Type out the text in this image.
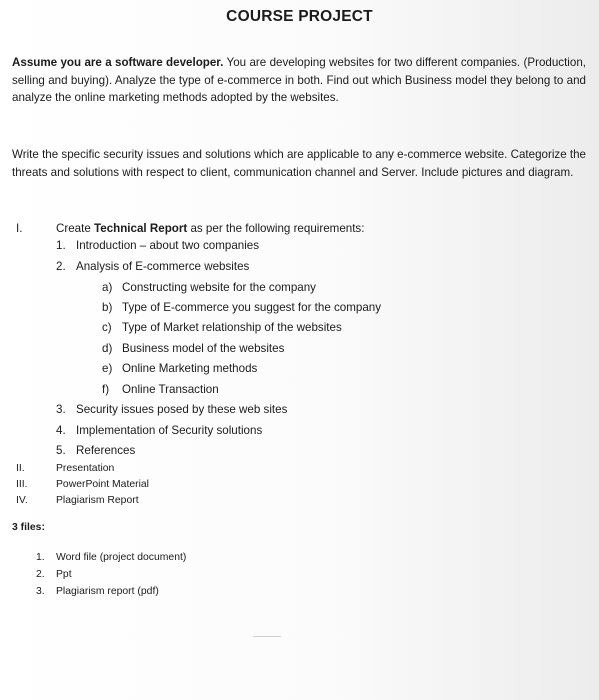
COURSE PROJECT
Assume you are a software developer. You are developing websites for two different companies. (Production, selling and buying). Analyze the type of e-commerce in both. Find out which Business model they belong to and analyze the online marketing methods adopted by the websites.
Write the specific security issues and solutions which are applicable to any e-commerce website. Categorize the threats and solutions with respect to client, communication channel and Server. Include pictures and diagram.
I.	Create Technical Report as per the following requirements:
1. Introduction – about two companies
2. Analysis of E-commerce websites
a) Constructing website for the company
b) Type of E-commerce you suggest for the company
c) Type of Market relationship of the websites
d) Business model of the websites
e) Online Marketing methods
f) Online Transaction
3. Security issues posed by these web sites
4. Implementation of Security solutions
5. References
II.	Presentation
III.	PowerPoint Material
IV.	Plagiarism Report
3 files:
1. Word file (project document)
2. Ppt
3. Plagiarism report (pdf)
